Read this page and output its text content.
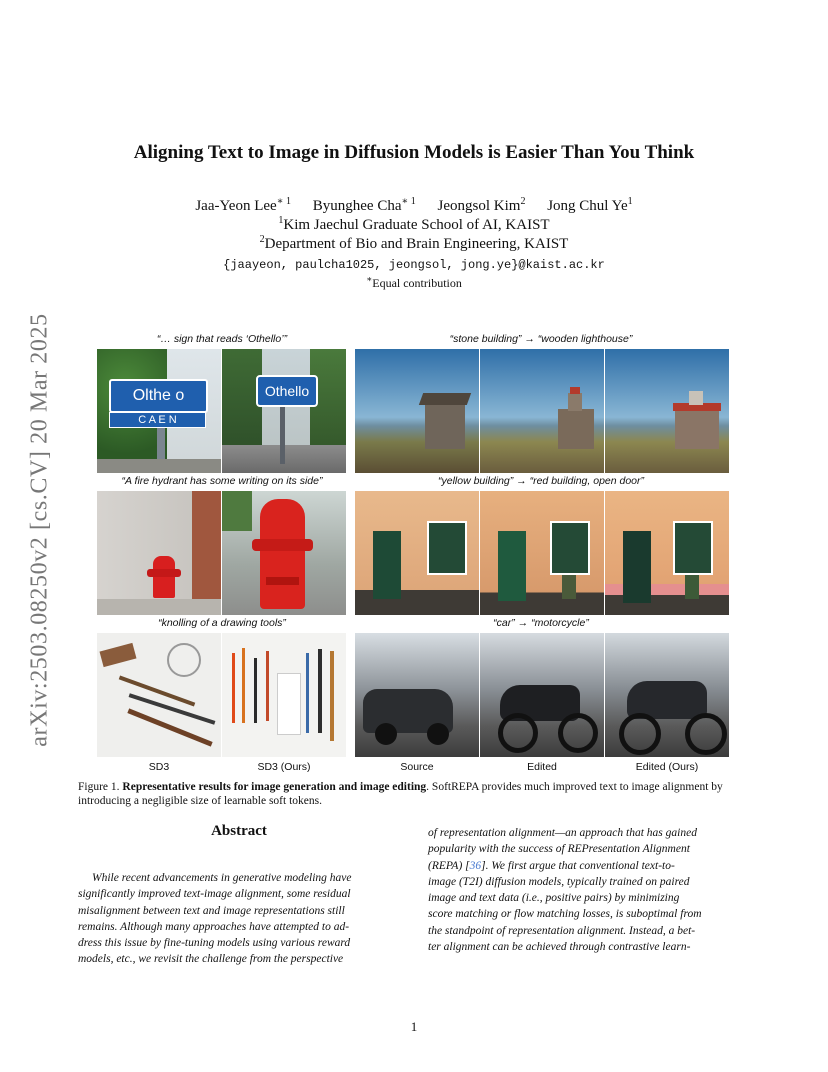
arXiv:2503.08250v2 [cs.CV] 20 Mar 2025
Aligning Text to Image in Diffusion Models is Easier Than You Think
Jaa-Yeon Lee$^{∗ 1}$ Byunghee Cha$^{∗ 1}$ Jeongsol Kim$^2$ Jong Chul Ye$^1$
$^1$Kim Jaechul Graduate School of AI, KAIST
$^2$Department of Bio and Brain Engineering, KAIST
{jaayeon, paulcha1025, jeongsol, jong.ye}@kaist.ac.kr
∗Equal contribution
“… sign that reads ‘Othello’”
“A fire hydrant has some writing on its side”
“knolling of a drawing tools”
“stone building” → “wooden lighthouse”
“yellow building” → “red building, open door”
“car” → “motorcycle”
Olthe o
C A E N
Othello
SD3	SD3 (Ours)	Source	Edited	Edited (Ours)
Figure 1. Representative results for image generation and image editing. SoftREPA provides much improved text to image alignment by introducing a negligible size of learnable soft tokens.
Abstract
While recent advancements in generative modeling have
significantly improved text-image alignment, some residual
misalignment between text and image representations still
remains. Although many approaches have attempted to ad-
dress this issue by fine-tuning models using various reward
models, etc., we revisit the challenge from the perspective
of representation alignment—an approach that has gained
popularity with the success of REPresentation Alignment
(REPA) [36]. We first argue that conventional text-to-
image (T2I) diffusion models, typically trained on paired
image and text data (i.e., positive pairs) by minimizing
score matching or flow matching losses, is suboptimal from
the standpoint of representation alignment. Instead, a bet-
ter alignment can be achieved through contrastive learn-
1
